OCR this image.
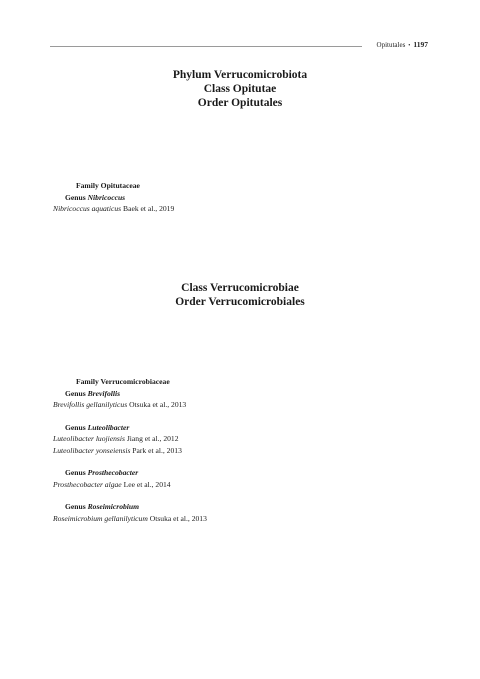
Opitutales • 1197
Phylum Verrucomicrobiota
Class Opitutae
Order Opitutales
Family Opitutaceae
Genus Nibricoccus
Nibricoccus aquaticus Baek et al., 2019
Class Verrucomicrobiae
Order Verrucomicrobiales
Family Verrucomicrobiaceae
Genus Brevifollis
Brevifollis gellanilyticus Otsuka et al., 2013
Genus Luteolibacter
Luteolibacter luojiensis Jiang et al., 2012
Luteolibacter yonseiensis Park et al., 2013
Genus Prosthecobacter
Prosthecobacter algae Lee et al., 2014
Genus Roseimicrobium
Roseimicrobium gellanilyticum Otsuka et al., 2013
